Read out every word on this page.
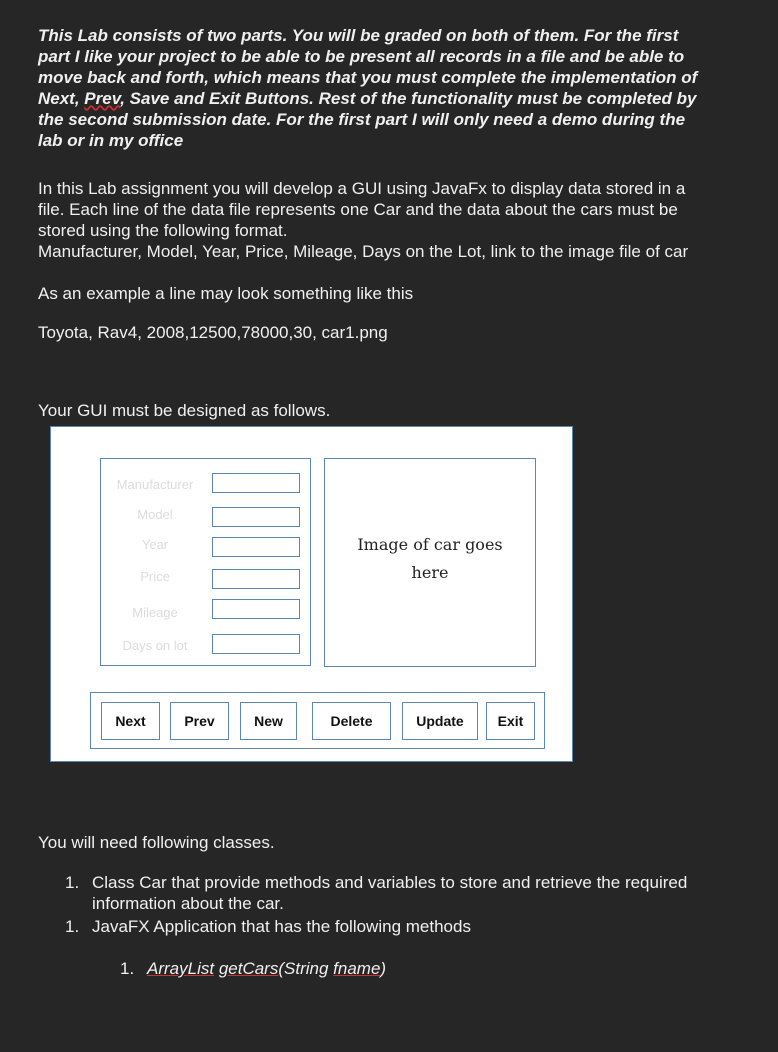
This Lab consists of two parts. You will be graded on both of them. For the first

part I like your project to be able to be present all records in a file and be able to

move back and forth, which means that you must complete the implementation of

Next, Prev, Save and Exit Buttons. Rest of the functionality must be completed by

the second submission date. For the first part I will only need a demo during the

lab or in my office

In this Lab assignment you will develop a GUI using JavaFx to display data stored in a

file. Each line of the data file represents one Car and the data about the cars must be

stored using the following format.

Manufacturer, Model, Year, Price, Mileage, Days on the Lot, link to the image file of car

As an example a line may look something like this
Toyota, Rav4, 2008,12500,78000,30, car1.png
Your GUI must be designed as follows.
Manufacturer
Model
Year
Price
Mileage
Days on lot
Image of car goes
here
Next	Prev	New	Delete	Update	Exit
You will need following classes.
1. Class Car that provide methods and variables to store and retrieve the required information about the car.
1. JavaFX Application that has the following methods
1. ArrayList getCars(String fname)
